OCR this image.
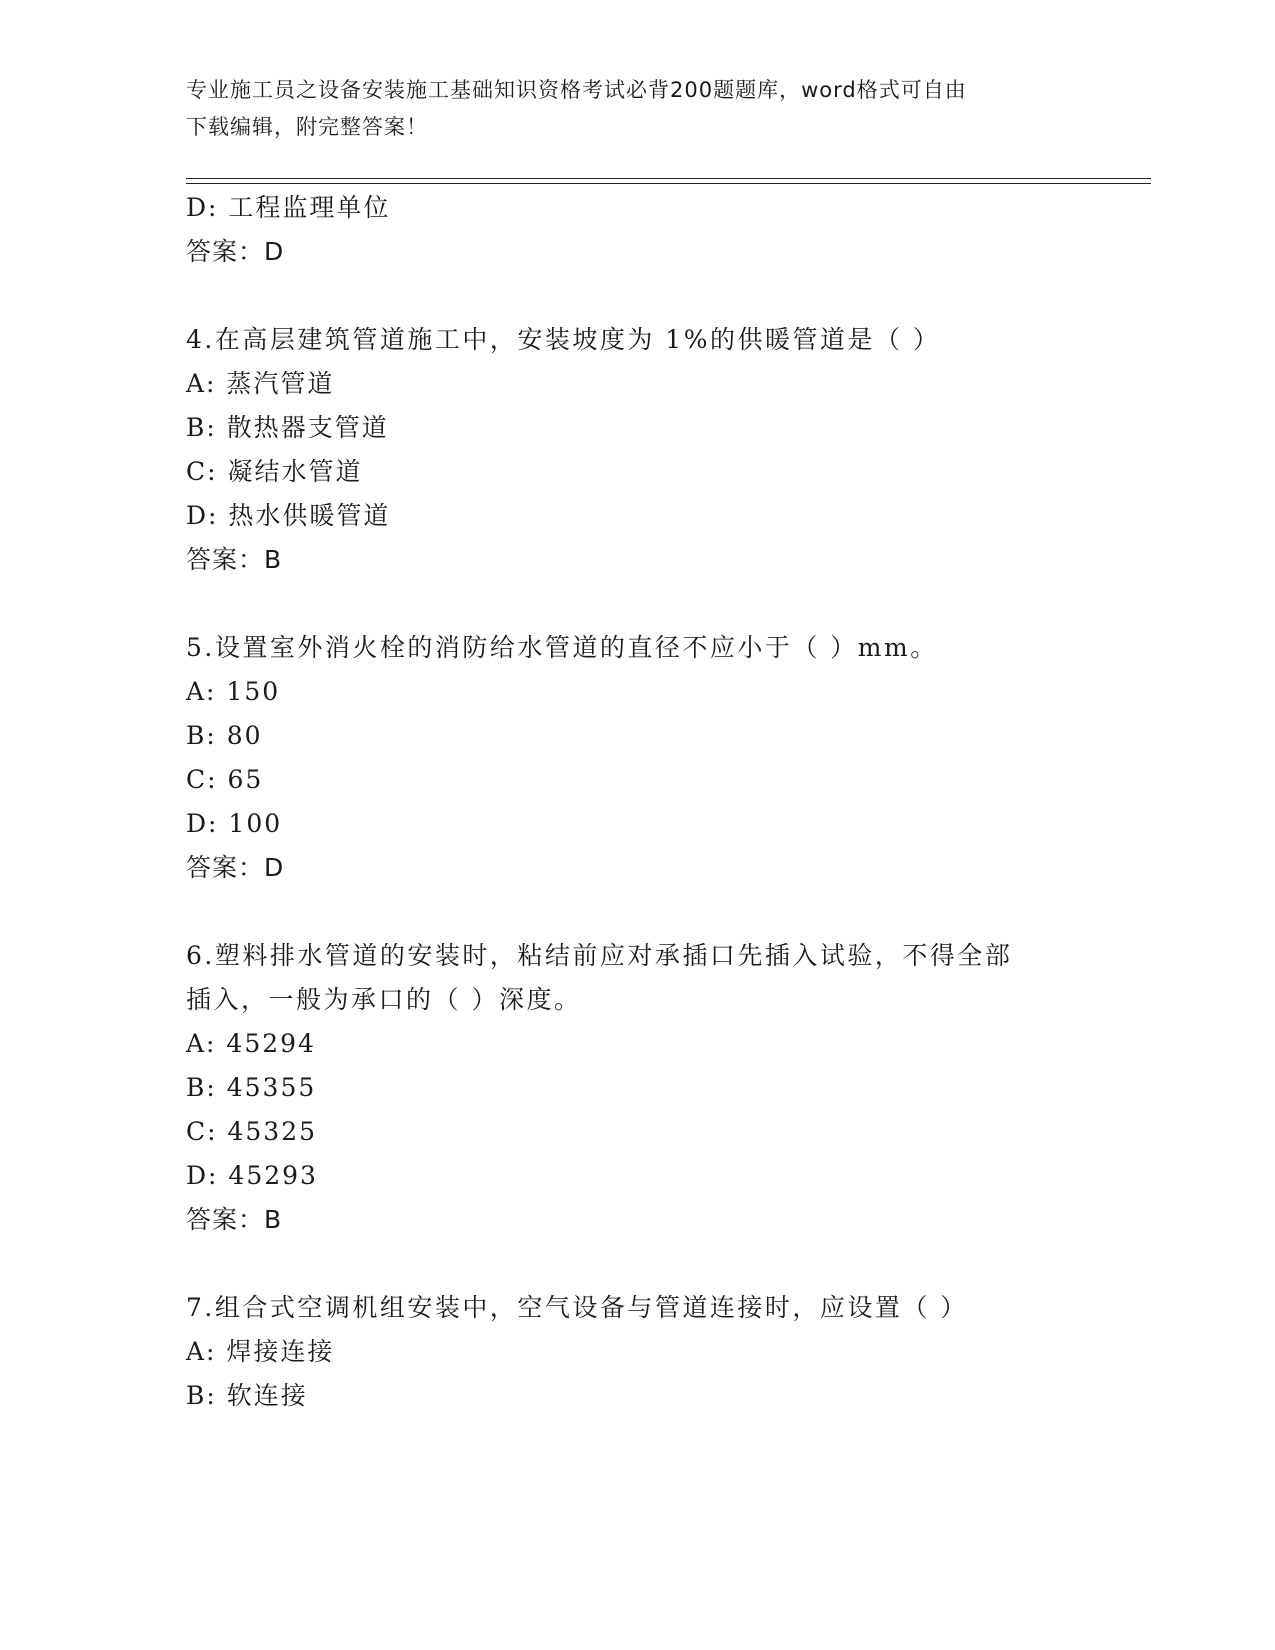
专业施工员之设备安装施工基础知识资格考试必背200题题库，word格式可自由
下载编辑，附完整答案！
D: 工程监理单位
答案：D
4.在高层建筑管道施工中，安装坡度为 1%的供暖管道是（ ）
A: 蒸汽管道
B: 散热器支管道
C: 凝结水管道
D: 热水供暖管道
答案：B
5.设置室外消火栓的消防给水管道的直径不应小于（ ）mm。
A: 150
B: 80
C: 65
D: 100
答案：D
6.塑料排水管道的安装时，粘结前应对承插口先插入试验，不得全部
插入，一般为承口的（ ）深度。
A: 45294
B: 45355
C: 45325
D: 45293
答案：B
7.组合式空调机组安装中，空气设备与管道连接时，应设置（ ）
A: 焊接连接
B: 软连接
